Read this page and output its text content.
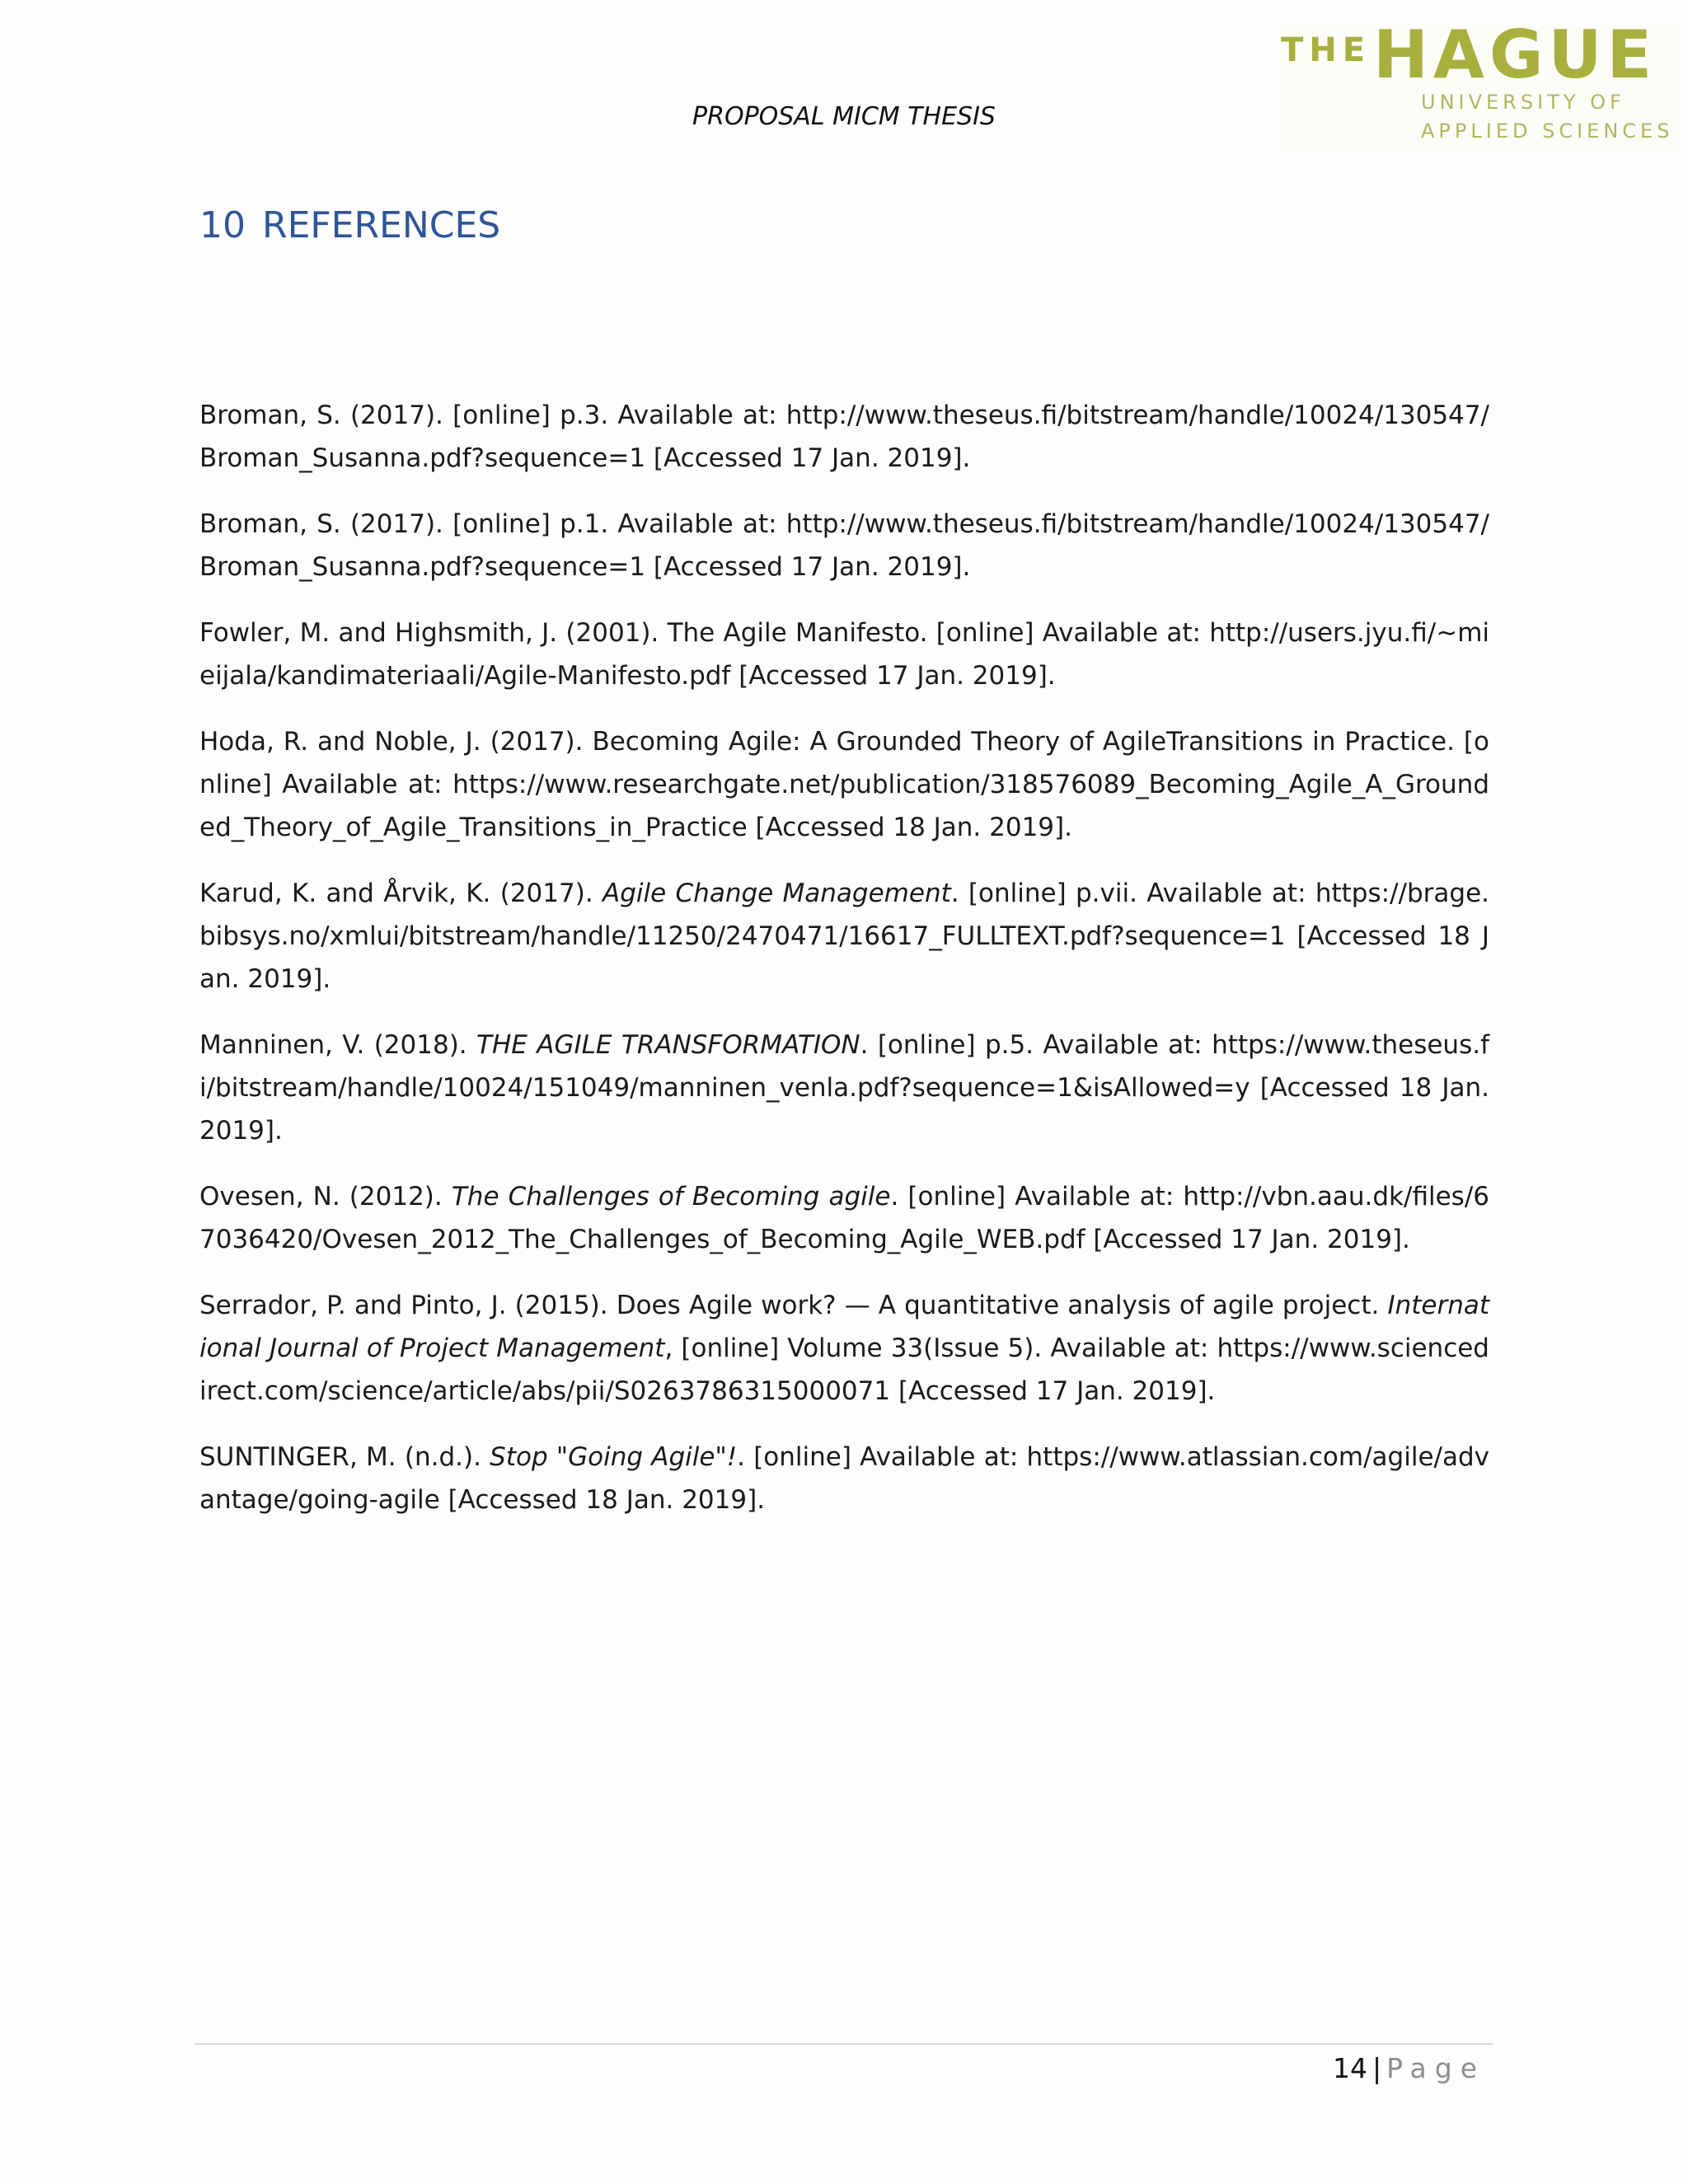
THE HAGUE
UNIVERSITY OF
APPLIED SCIENCES
PROPOSAL MICM THESIS
10 REFERENCES

Broman, S. (2017). [online] p.3. Available at: http://www.theseus.fi/bitstream/handle/10024/130547/Broman_Susanna.pdf?sequence=1 [Accessed 17 Jan. 2019].

Broman, S. (2017). [online] p.1. Available at: http://www.theseus.fi/bitstream/handle/10024/130547/Broman_Susanna.pdf?sequence=1 [Accessed 17 Jan. 2019].

Fowler, M. and Highsmith, J. (2001). The Agile Manifesto. [online] Available at: http://users.jyu.fi/~mieijala/kandimateriaali/Agile-Manifesto.pdf [Accessed 17 Jan. 2019].

Hoda, R. and Noble, J. (2017). Becoming Agile: A Grounded Theory of AgileTransitions in Practice. [online] Available at: https://www.researchgate.net/publication/318576089_Becoming_Agile_A_Grounded_Theory_of_Agile_Transitions_in_Practice [Accessed 18 Jan. 2019].

Karud, K. and Årvik, K. (2017). Agile Change Management. [online] p.vii. Available at: https://brage.bibsys.no/xmlui/bitstream/handle/11250/2470471/16617_FULLTEXT.pdf?sequence=1 [Accessed 18 Jan. 2019].

Manninen, V. (2018). THE AGILE TRANSFORMATION. [online] p.5. Available at: https://www.theseus.fi/bitstream/handle/10024/151049/manninen_venla.pdf?sequence=1&isAllowed=y [Accessed 18 Jan. 2019].

Ovesen, N. (2012). The Challenges of Becoming agile. [online] Available at: http://vbn.aau.dk/files/67036420/Ovesen_2012_The_Challenges_of_Becoming_Agile_WEB.pdf [Accessed 17 Jan. 2019].

Serrador, P. and Pinto, J. (2015). Does Agile work? — A quantitative analysis of agile project. International Journal of Project Management, [online] Volume 33(Issue 5). Available at: https://www.sciencedirect.com/science/article/abs/pii/S0263786315000071 [Accessed 17 Jan. 2019].

SUNTINGER, M. (n.d.). Stop "Going Agile"!. [online] Available at: https://www.atlassian.com/agile/advantage/going-agile [Accessed 18 Jan. 2019].

14 | Page
